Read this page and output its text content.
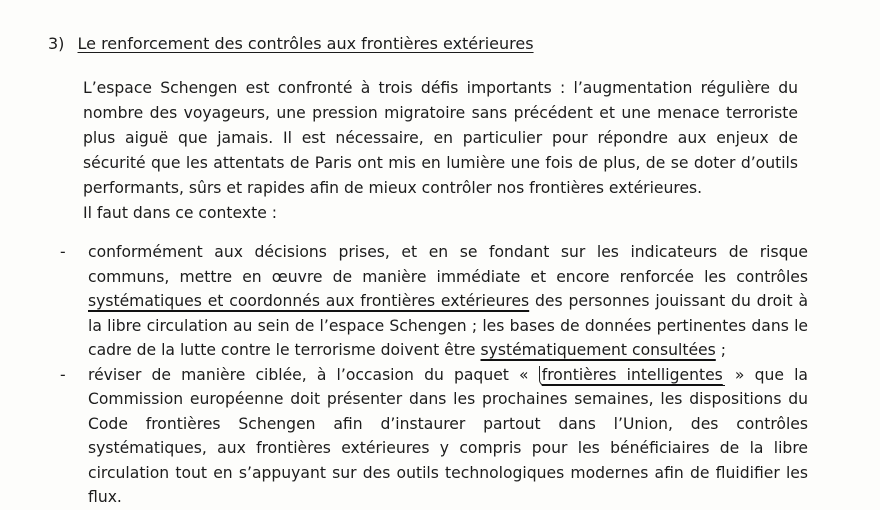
3) Le renforcement des contrôles aux frontières extérieures
L’espace Schengen est confronté à trois défis importants : l’augmentation régulière du nombre des voyageurs, une pression migratoire sans précédent et une menace terroriste plus aiguë que jamais. Il est nécessaire, en particulier pour répondre aux enjeux de sécurité que les attentats de Paris ont mis en lumière une fois de plus, de se doter d’outils performants, sûrs et rapides afin de mieux contrôler nos frontières extérieures.
Il faut dans ce contexte :
- conformément aux décisions prises, et en se fondant sur les indicateurs de risque communs, mettre en œuvre de manière immédiate et encore renforcée les contrôles systématiques et coordonnés aux frontières extérieures des personnes jouissant du droit à la libre circulation au sein de l’espace Schengen ; les bases de données pertinentes dans le cadre de la lutte contre le terrorisme doivent être systématiquement consultées ;
- réviser de manière ciblée, à l’occasion du paquet « frontières intelligentes » que la Commission européenne doit présenter dans les prochaines semaines, les dispositions du Code frontières Schengen afin d’instaurer partout dans l’Union, des contrôles systématiques, aux frontières extérieures y compris pour les bénéficiaires de la libre circulation tout en s’appuyant sur des outils technologiques modernes afin de fluidifier les flux.
